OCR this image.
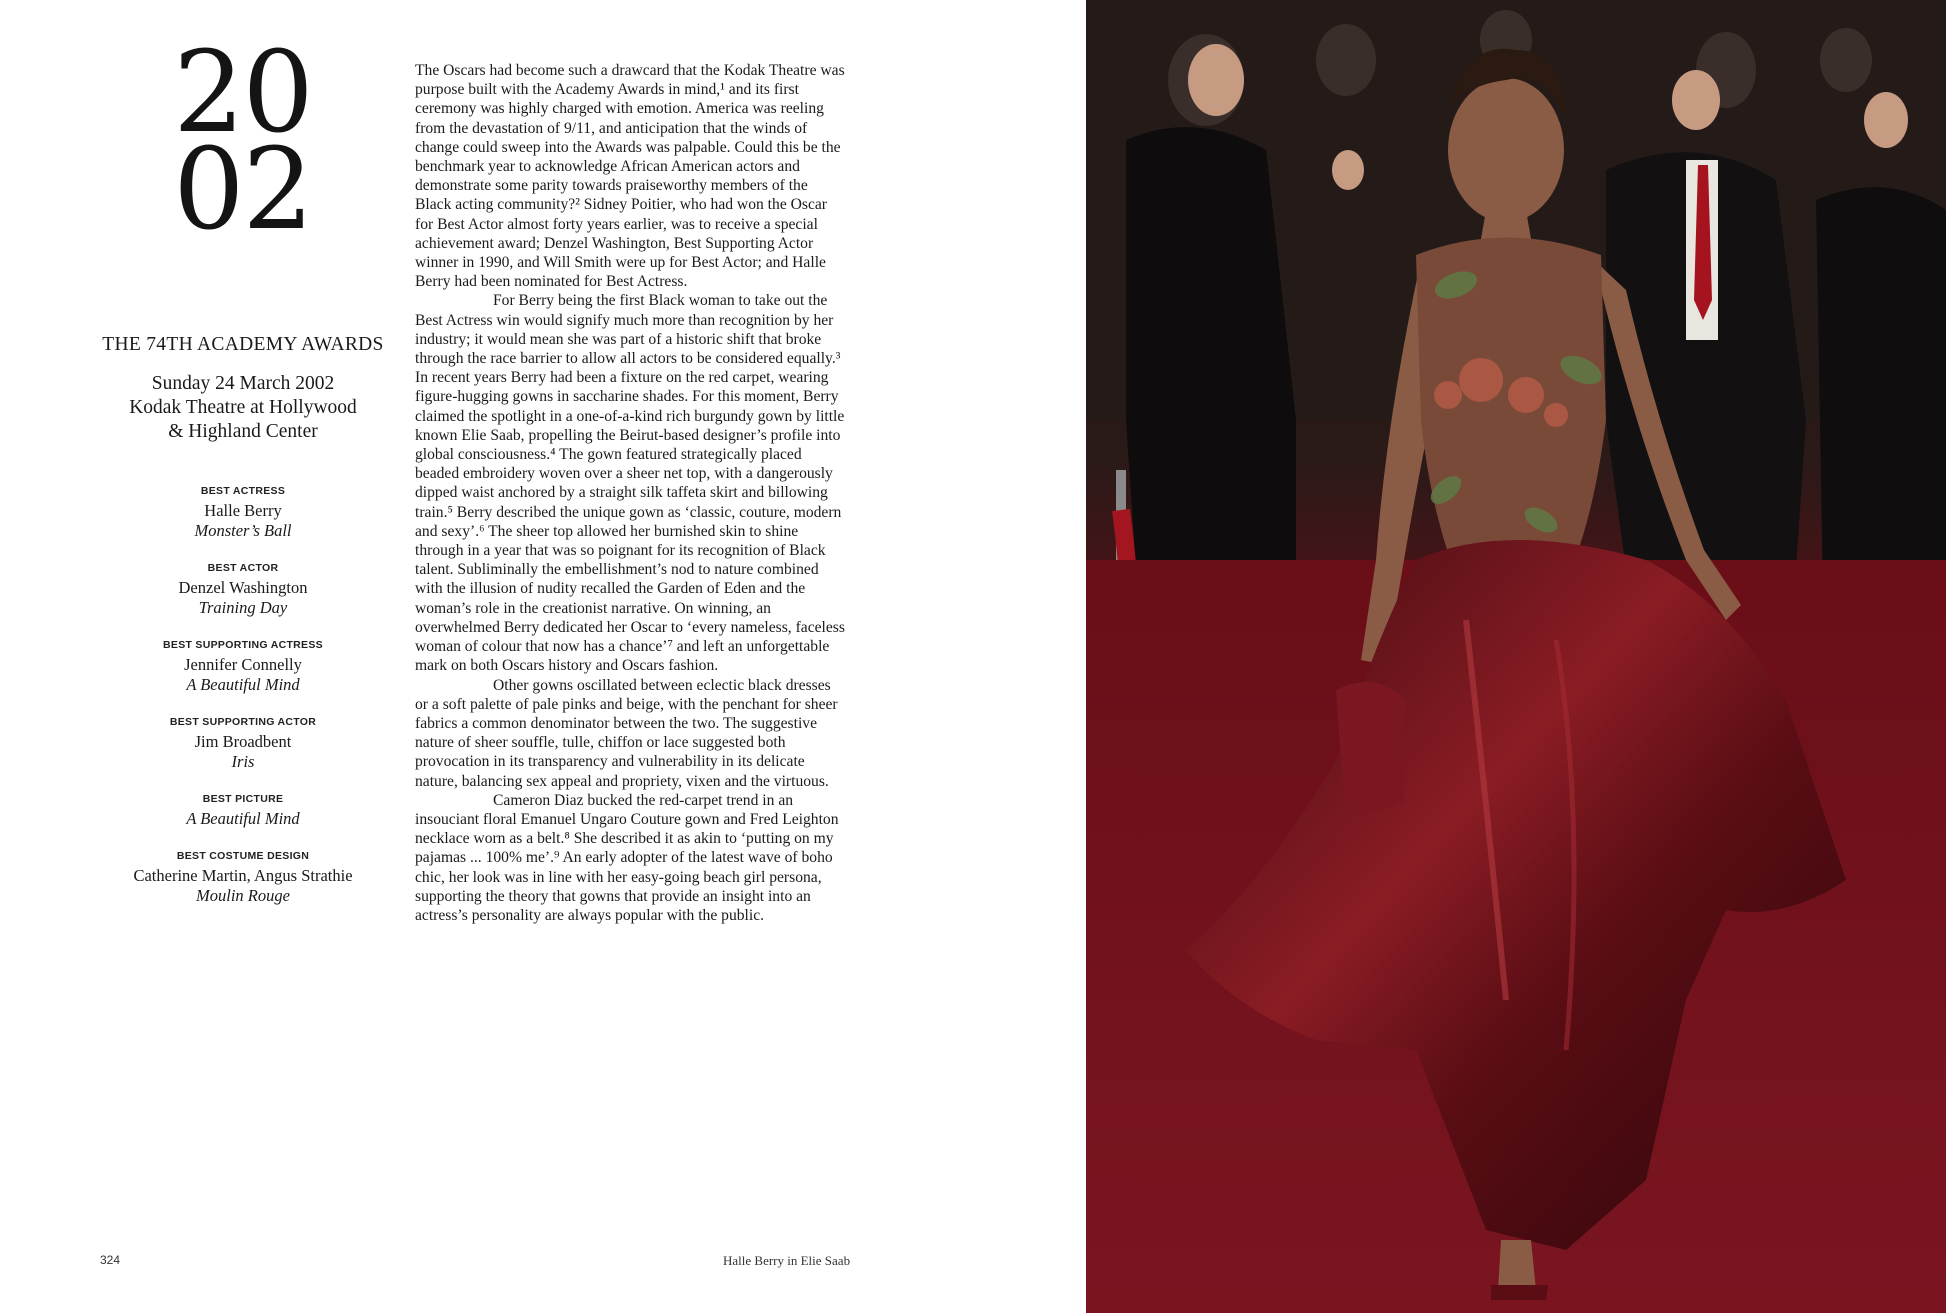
20
02
THE 74TH ACADEMY AWARDS
Sunday 24 March 2002
Kodak Theatre at Hollywood
& Highland Center
BEST ACTRESS
Halle Berry
Monster’s Ball
BEST ACTOR
Denzel Washington
Training Day
BEST SUPPORTING ACTRESS
Jennifer Connelly
A Beautiful Mind
BEST SUPPORTING ACTOR
Jim Broadbent
Iris
BEST PICTURE
A Beautiful Mind
BEST COSTUME DESIGN
Catherine Martin, Angus Strathie
Moulin Rouge

The Oscars had become such a drawcard that the Kodak Theatre was purpose built with the Academy Awards in mind,¹ and its first ceremony was highly charged with emotion. America was reeling from the devastation of 9/11, and anticipation that the winds of change could sweep into the Awards was palpable. Could this be the benchmark year to acknowledge African American actors and demonstrate some parity towards praiseworthy members of the Black acting community?² Sidney Poitier, who had won the Oscar for Best Actor almost forty years earlier, was to receive a special achievement award; Denzel Washington, Best Supporting Actor winner in 1990, and Will Smith were up for Best Actor; and Halle Berry had been nominated for Best Actress.

For Berry being the first Black woman to take out the Best Actress win would signify much more than recognition by her industry; it would mean she was part of a historic shift that broke through the race barrier to allow all actors to be considered equally.³ In recent years Berry had been a fixture on the red carpet, wearing figure-hugging gowns in saccharine shades. For this moment, Berry claimed the spotlight in a one-of-a-kind rich burgundy gown by little known Elie Saab, propelling the Beirut-based designer’s profile into global consciousness.⁴ The gown featured strategically placed beaded embroidery woven over a sheer net top, with a dangerously dipped waist anchored by a straight silk taffeta skirt and billowing train.⁵ Berry described the unique gown as ‘classic, couture, modern and sexy’.⁶ The sheer top allowed her burnished skin to shine through in a year that was so poignant for its recognition of Black talent. Subliminally the embellishment’s nod to nature combined with the illusion of nudity recalled the Garden of Eden and the woman’s role in the creationist narrative. On winning, an overwhelmed Berry dedicated her Oscar to ‘every nameless, faceless woman of colour that now has a chance’⁷ and left an unforgettable mark on both Oscars history and Oscars fashion.

Other gowns oscillated between eclectic black dresses or a soft palette of pale pinks and beige, with the penchant for sheer fabrics a common denominator between the two. The suggestive nature of sheer souffle, tulle, chiffon or lace suggested both provocation in its transparency and vulnerability in its delicate nature, balancing sex appeal and propriety, vixen and the virtuous.

Cameron Diaz bucked the red-carpet trend in an insouciant floral Emanuel Ungaro Couture gown and Fred Leighton necklace worn as a belt.⁸ She described it as akin to ‘putting on my pajamas ... 100% me’.⁹ An early adopter of the latest wave of boho chic, her look was in line with her easy-going beach girl persona, supporting the theory that gowns that provide an insight into an actress’s personality are always popular with the public.

324	Halle Berry in Elie Saab
